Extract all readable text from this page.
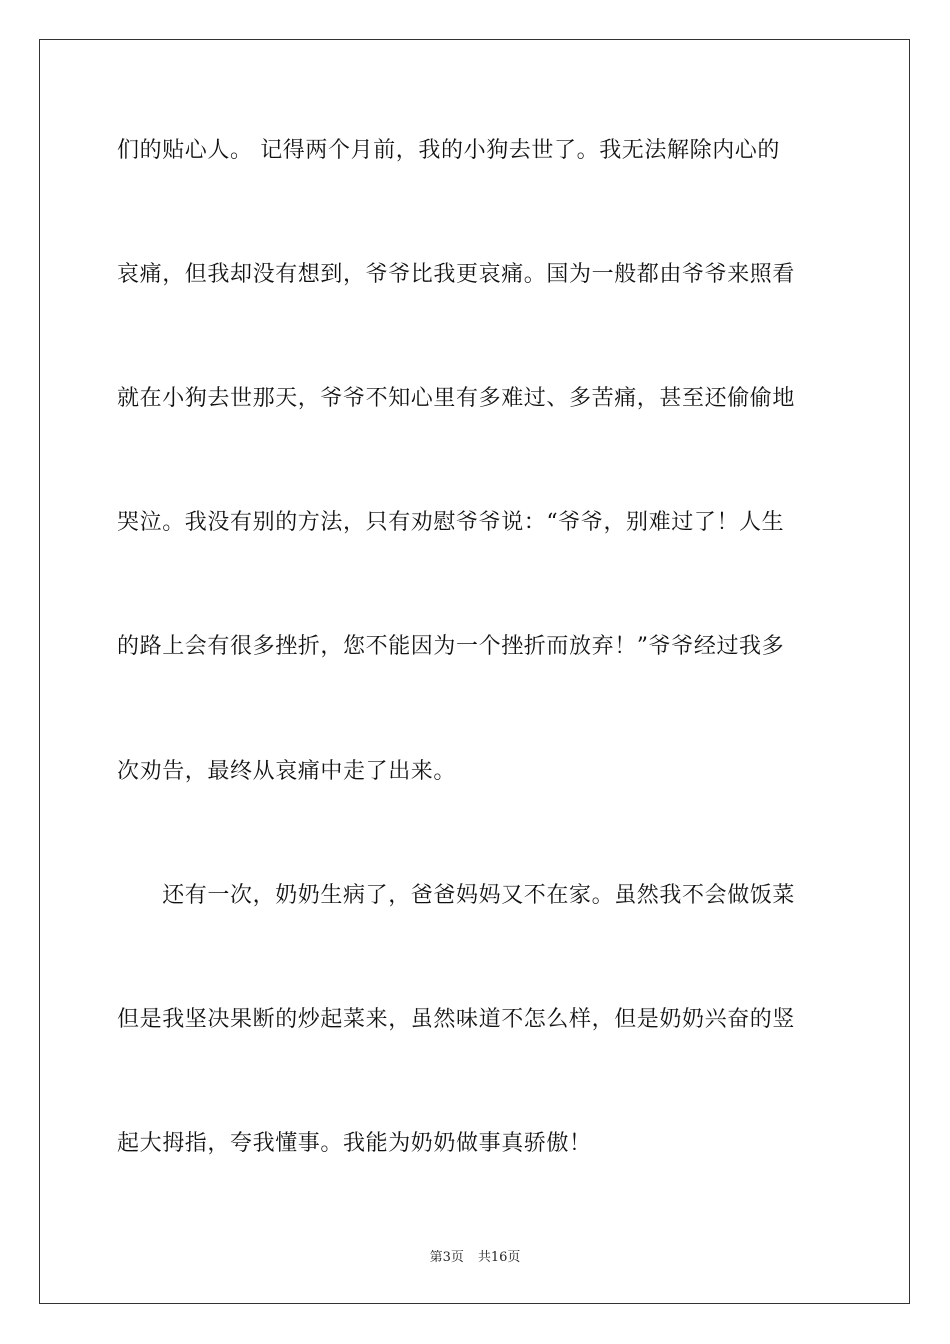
们的贴心人。 记得两个月前，我的小狗去世了。我无法解除内心的
哀痛，但我却没有想到，爷爷比我更哀痛。国为一般都由爷爷来照看
就在小狗去世那天，爷爷不知心里有多难过、多苦痛，甚至还偷偷地
哭泣。我没有别的方法，只有劝慰爷爷说：“爷爷，别难过了！人生
的路上会有很多挫折，您不能因为一个挫折而放弃！”爷爷经过我多
次劝告，最终从哀痛中走了出来。
　　还有一次，奶奶生病了，爸爸妈妈又不在家。虽然我不会做饭菜
但是我坚决果断的炒起菜来，虽然味道不怎么样，但是奶奶兴奋的竖
起大拇指，夸我懂事。我能为奶奶做事真骄傲！
第3页 共16页
